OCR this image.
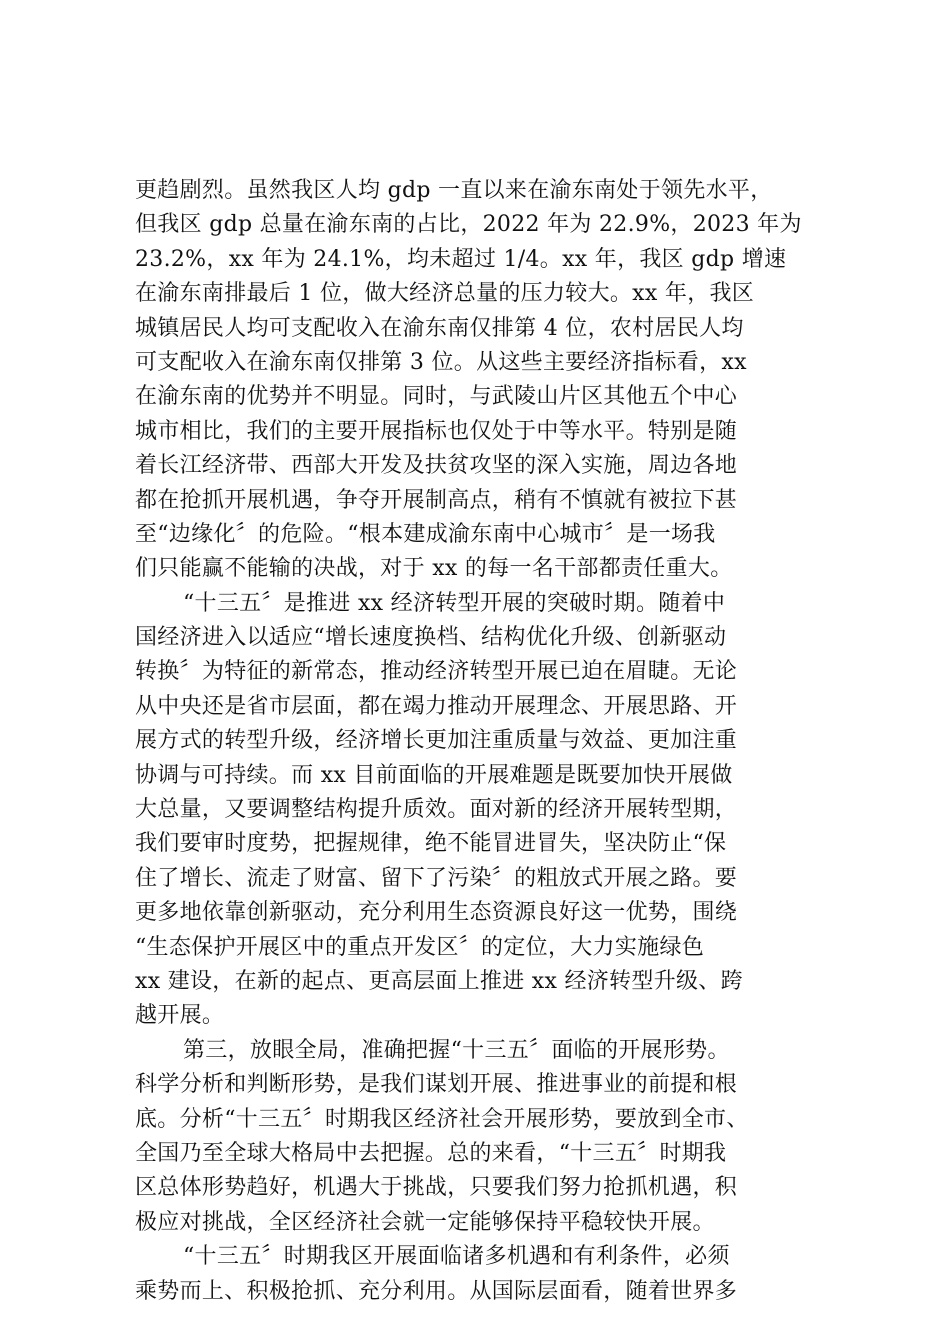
更趋剧烈。虽然我区人均 gdp 一直以来在渝东南处于领先水平，
但我区 gdp 总量在渝东南的占比，2022 年为 22.9%，2023 年为
23.2%，xx 年为 24.1%，均未超过 1/4。xx 年，我区 gdp 增速
在渝东南排最后 1 位，做大经济总量的压力较大。xx 年，我区
城镇居民人均可支配收入在渝东南仅排第 4 位，农村居民人均
可支配收入在渝东南仅排第 3 位。从这些主要经济指标看，xx
在渝东南的优势并不明显。同时，与武陵山片区其他五个中心
城市相比，我们的主要开展指标也仅处于中等水平。特别是随
着长江经济带、西部大开发及扶贫攻坚的深入实施，周边各地
都在抢抓开展机遇，争夺开展制高点，稍有不慎就有被拉下甚
至“边缘化〞的危险。“根本建成渝东南中心城市〞是一场我
们只能赢不能输的决战，对于 xx 的每一名干部都责任重大。
“十三五〞是推进 xx 经济转型开展的突破时期。随着中
国经济进入以适应“增长速度换档、结构优化升级、创新驱动
转换〞为特征的新常态，推动经济转型开展已迫在眉睫。无论
从中央还是省市层面，都在竭力推动开展理念、开展思路、开
展方式的转型升级，经济增长更加注重质量与效益、更加注重
协调与可持续。而 xx 目前面临的开展难题是既要加快开展做
大总量，又要调整结构提升质效。面对新的经济开展转型期，
我们要审时度势，把握规律，绝不能冒进冒失，坚决防止“保
住了增长、流走了财富、留下了污染〞的粗放式开展之路。要
更多地依靠创新驱动，充分利用生态资源良好这一优势，围绕
“生态保护开展区中的重点开发区〞的定位，大力实施绿色
xx 建设，在新的起点、更高层面上推进 xx 经济转型升级、跨
越开展。
第三，放眼全局，准确把握“十三五〞面临的开展形势。
科学分析和判断形势，是我们谋划开展、推进事业的前提和根
底。分析“十三五〞时期我区经济社会开展形势，要放到全市、
全国乃至全球大格局中去把握。总的来看，“十三五〞时期我
区总体形势趋好，机遇大于挑战，只要我们努力抢抓机遇，积
极应对挑战，全区经济社会就一定能够保持平稳较快开展。
“十三五〞时期我区开展面临诸多机遇和有利条件，必须
乘势而上、积极抢抓、充分利用。从国际层面看，随着世界多
